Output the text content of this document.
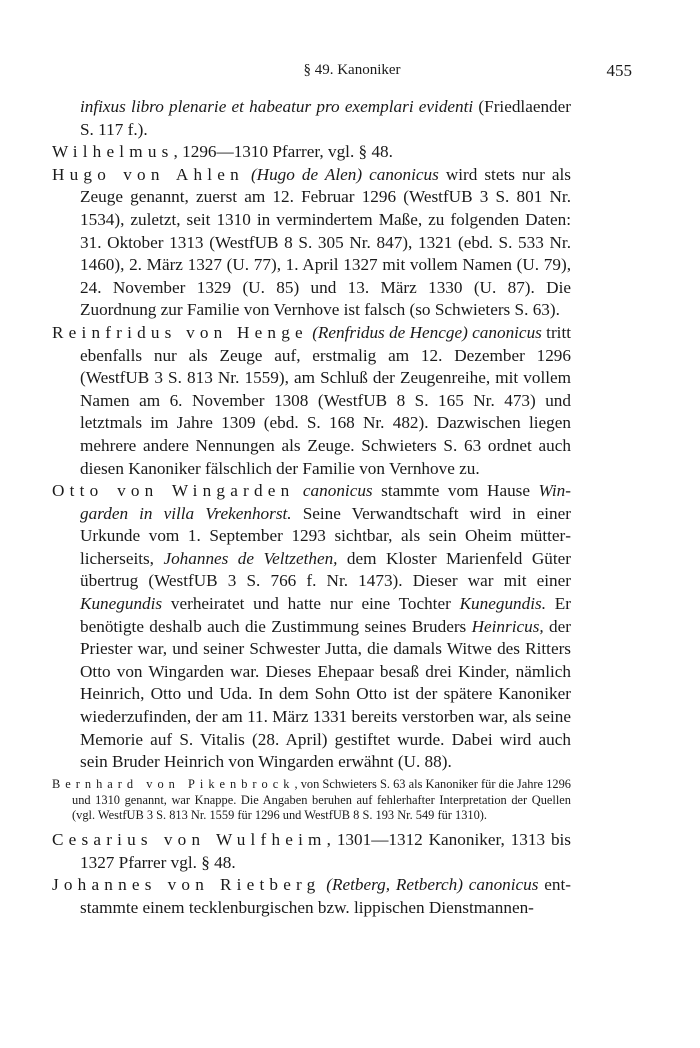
§ 49. Kanoniker	455

infixus libro plenarie et habeatur pro exemplari evidenti (Friedlaender S. 117 f.).

Wilhelmus, 1296—1310 Pfarrer, vgl. § 48.

Hugo von Ahlen (Hugo de Alen) canonicus wird stets nur als Zeuge genannt, zuerst am 12. Februar 1296 (WestfUB 3 S. 801 Nr. 1534), zuletzt, seit 1310 in vermindertem Maße, zu folgenden Daten: 31. Oktober 1313 (WestfUB 8 S. 305 Nr. 847), 1321 (ebd. S. 533 Nr. 1460), 2. März 1327 (U. 77), 1. April 1327 mit vollem Namen (U. 79), 24. November 1329 (U. 85) und 13. März 1330 (U. 87). Die Zuordnung zur Familie von Vernhove ist falsch (so Schwieters S. 63).

Reinfridus von Henge (Renfridus de Hencge) canonicus tritt ebenfalls nur als Zeuge auf, erstmalig am 12. Dezember 1296 (WestfUB 3 S. 813 Nr. 1559), am Schluß der Zeugenreihe, mit vollem Namen am 6. November 1308 (WestfUB 8 S. 165 Nr. 473) und letztmals im Jahre 1309 (ebd. S. 168 Nr. 482). Dazwischen liegen mehrere andere Nennungen als Zeuge. Schwieters S. 63 ordnet auch diesen Kanoniker fälschlich der Familie von Vernhove zu.

Otto von Wingarden canonicus stammte vom Hause Wingarden in villa Vrekenhorst. Seine Verwandtschaft wird in einer Urkunde vom 1. September 1293 sichtbar, als sein Oheim mütterlicherseits, Johannes de Veltzethen, dem Kloster Marienfeld Güter übertrug (WestfUB 3 S. 766 f. Nr. 1473). Dieser war mit einer Kunegundis verheiratet und hatte nur eine Tochter Kunegundis. Er benötigte deshalb auch die Zustimmung seines Bruders Heinricus, der Priester war, und seiner Schwester Jutta, die damals Witwe des Ritters Otto von Wingarden war. Dieses Ehepaar besaß drei Kinder, nämlich Heinrich, Otto und Uda. In dem Sohn Otto ist der spätere Kanoniker wiederzufinden, der am 11. März 1331 bereits verstorben war, als seine Memorie auf S. Vitalis (28. April) gestiftet wurde. Dabei wird auch sein Bruder Heinrich von Wingarden erwähnt (U. 88).

Bernhard von Pikenbrock, von Schwieters S. 63 als Kanoniker für die Jahre 1296 und 1310 genannt, war Knappe. Die Angaben beruhen auf fehlerhafter Interpretation der Quellen (vgl. WestfUB 3 S. 813 Nr. 1559 für 1296 und WestfUB 8 S. 193 Nr. 549 für 1310).

Cesarius von Wulfheim, 1301—1312 Kanoniker, 1313 bis 1327 Pfarrer vgl. § 48.

Johannes von Rietberg (Retberg, Retberch) canonicus entstammte einem tecklenburgischen bzw. lippischen Dienstmannen-
